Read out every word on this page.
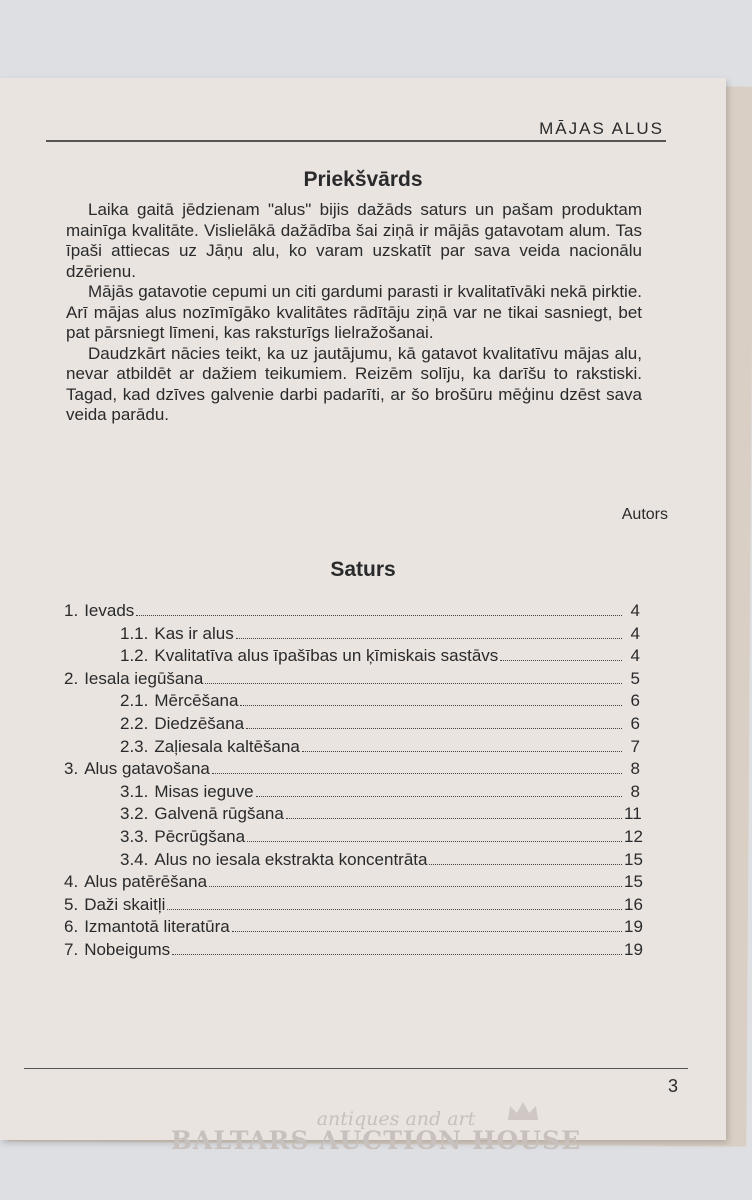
MĀJAS ALUS
Priekšvārds

Laika gaitā jēdzienam "alus" bijis dažāds saturs un pašam produktam mainīga kvalitāte. Vislielākā dažādība šai ziņā ir mājās gatavotam alum. Tas īpaši attiecas uz Jāņu alu, ko varam uzskatīt par sava veida nacionālu dzērienu.

Mājās gatavotie cepumi un citi gardumi parasti ir kvalitatīvāki nekā pirktie. Arī mājas alus nozīmīgāko kvalitātes rādītāju ziņā var ne tikai sasniegt, bet pat pārsniegt līmeni, kas raksturīgs lielražošanai.

Daudzkārt nācies teikt, ka uz jautājumu, kā gatavot kvalitatīvu mājas alu, nevar atbildēt ar dažiem teikumiem. Reizēm solīju, ka darīšu to rakstiski. Tagad, kad dzīves galvenie darbi padarīti, ar šo brošūru mēģinu dzēst sava veida parādu.

Autors
Saturs
1. Ievads	4
1.1. Kas ir alus	4
1.2. Kvalitatīva alus īpašības un ķīmiskais sastāvs	4
2. Iesala iegūšana	5
2.1. Mērcēšana	6
2.2. Diedzēšana	6
2.3. Zaļiesala kaltēšana	7
3. Alus gatavošana	8
3.1. Misas ieguve	8
3.2. Galvenā rūgšana	11
3.3. Pēcrūgšana	12
3.4. Alus no iesala ekstrakta koncentrāta	15
4. Alus patērēšana	15
5. Daži skaitļi	16
6. Izmantotā literatūra	19
7. Nobeigums	19
3
antiques and art
BALTARS AUCTION HOUSE
